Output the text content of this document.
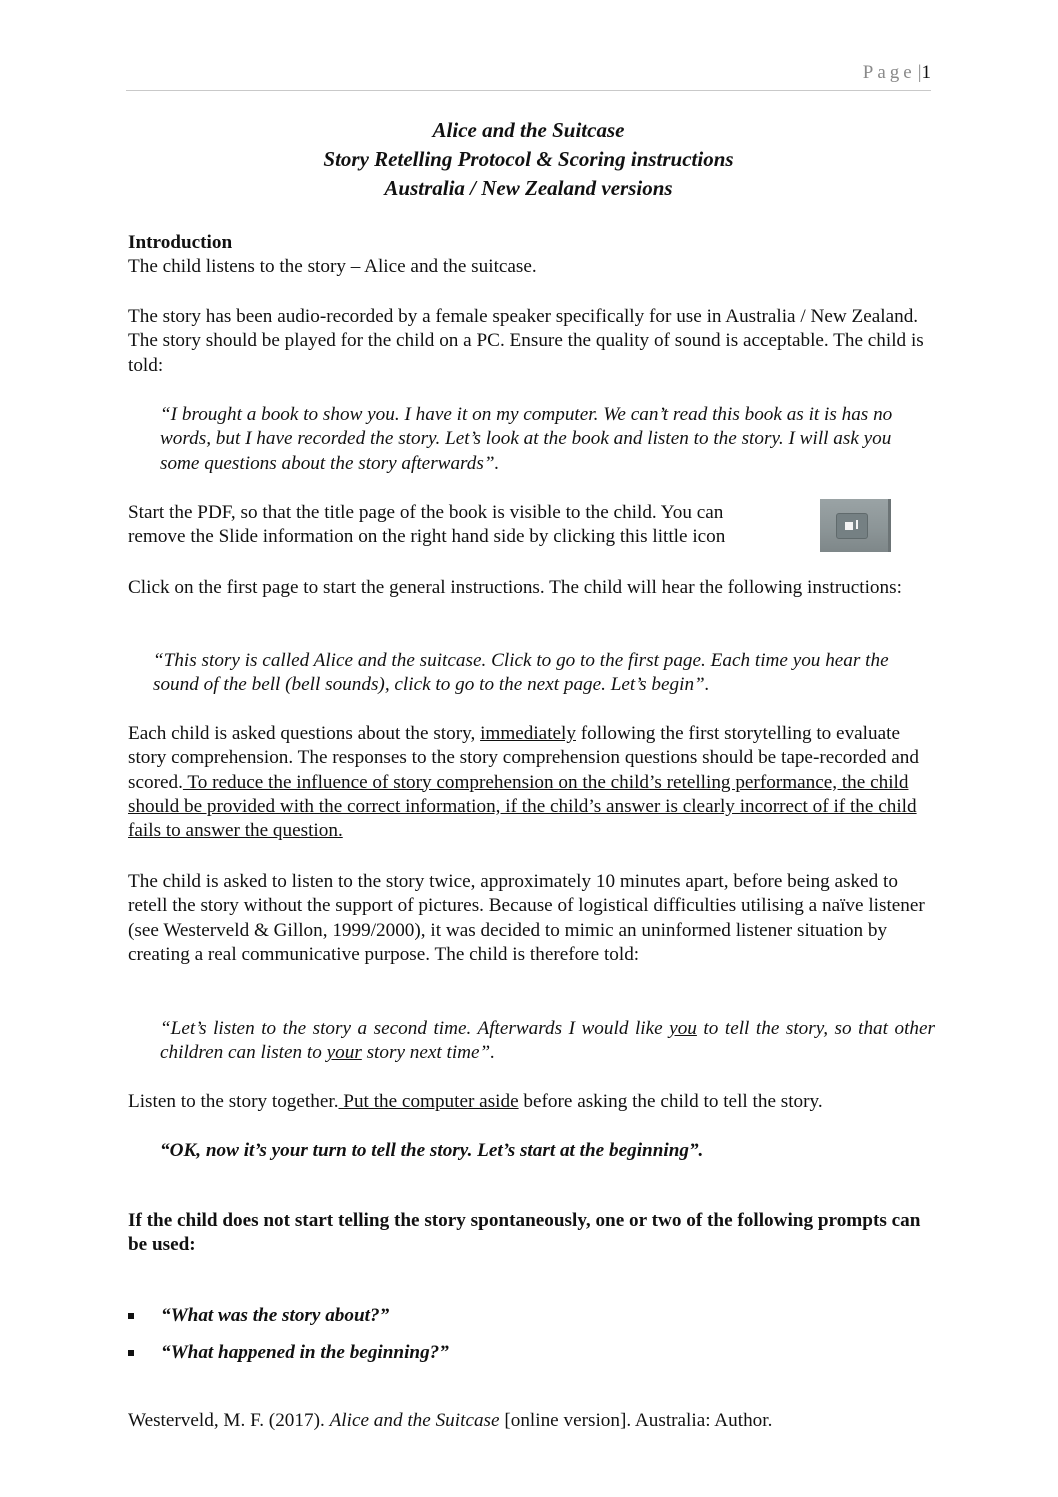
Page |1
Alice and the Suitcase
Story Retelling Protocol & Scoring instructions
Australia / New Zealand versions
Introduction
The child listens to the story – Alice and the suitcase.
The story has been audio-recorded by a female speaker specifically for use in Australia / New Zealand. The story should be played for the child on a PC. Ensure the quality of sound is acceptable. The child is told:
“I brought a book to show you. I have it on my computer. We can’t read this book as it is has no words, but I have recorded the story. Let’s look at the book and listen to the story. I will ask you some questions about the story afterwards”.
Start the PDF, so that the title page of the book is visible to the child. You can
remove the Slide information on the right hand side by clicking this little icon
Click on the first page to start the general instructions. The child will hear the following instructions:
“This story is called Alice and the suitcase. Click to go to the first page. Each time you hear the sound of the bell (bell sounds), click to go to the next page. Let’s begin”.
Each child is asked questions about the story, immediately following the first storytelling to evaluate story comprehension. The responses to the story comprehension questions should be tape-recorded and scored. To reduce the influence of story comprehension on the child’s retelling performance, the child should be provided with the correct information, if the child’s answer is clearly incorrect of if the child fails to answer the question.
The child is asked to listen to the story twice, approximately 10 minutes apart, before being asked to retell the story without the support of pictures. Because of logistical difficulties utilising a naïve listener (see Westerveld & Gillon, 1999/2000), it was decided to mimic an uninformed listener situation by creating a real communicative purpose. The child is therefore told:
“Let’s listen to the story a second time. Afterwards I would like you to tell the story, so that other children can listen to your story next time”.
Listen to the story together. Put the computer aside before asking the child to tell the story.
“OK, now it’s your turn to tell the story. Let’s start at the beginning”.
If the child does not start telling the story spontaneously, one or two of the following prompts can be used:
“What was the story about?”
“What happened in the beginning?”
Westerveld, M. F. (2017). Alice and the Suitcase [online version]. Australia: Author.
